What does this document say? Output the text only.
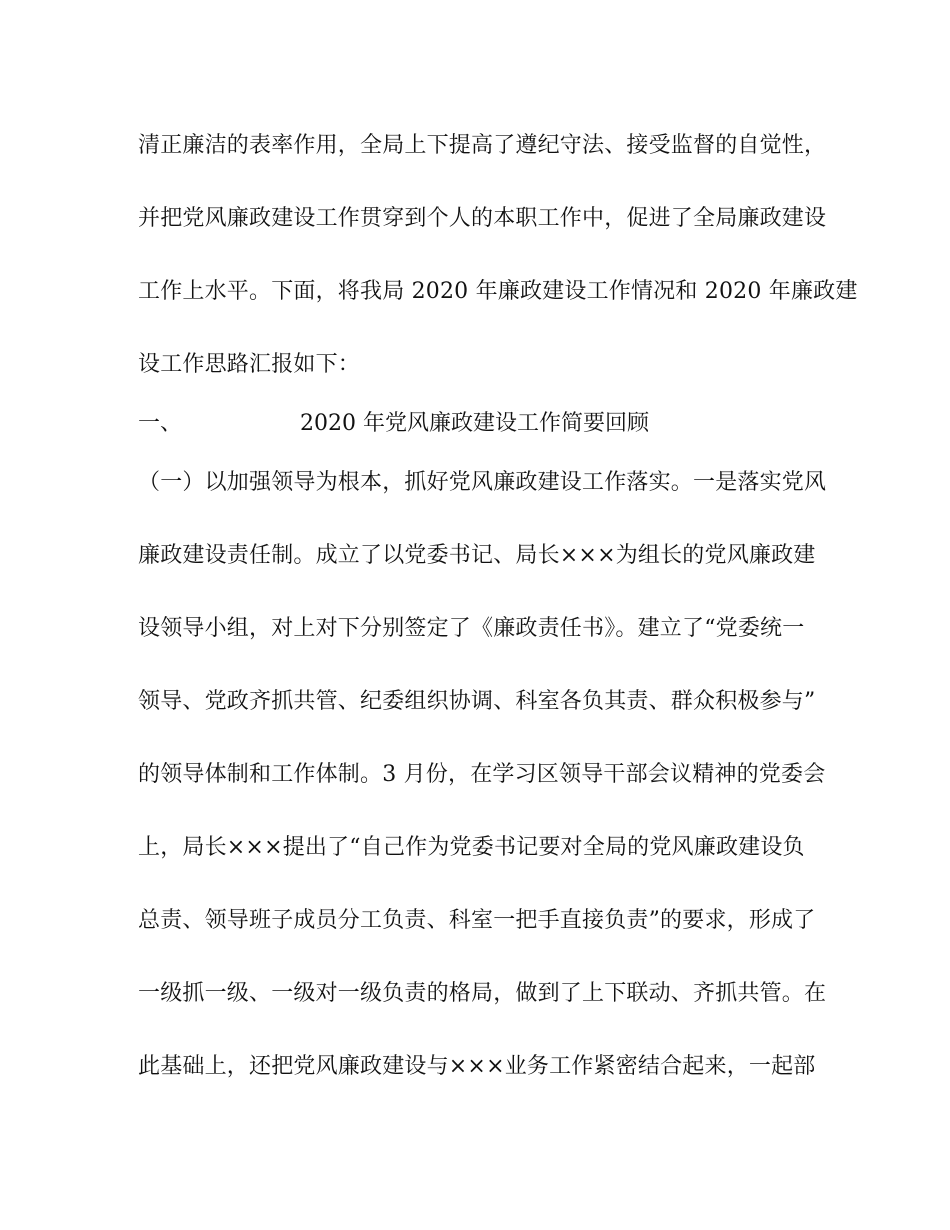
清正廉洁的表率作用，全局上下提高了遵纪守法、接受监督的自觉性，
并把党风廉政建设工作贯穿到个人的本职工作中，促进了全局廉政建设
工作上水平。下面，将我局 2020 年廉政建设工作情况和 2020 年廉政建
设工作思路汇报如下：
一、	2020 年党风廉政建设工作简要回顾
（一）以加强领导为根本，抓好党风廉政建设工作落实。一是落实党风
廉政建设责任制。成立了以党委书记、局长×××为组长的党风廉政建
设领导小组，对上对下分别签定了《廉政责任书》。建立了“党委统一
领导、党政齐抓共管、纪委组织协调、科室各负其责、群众积极参与”
的领导体制和工作体制。3 月份，在学习区领导干部会议精神的党委会
上，局长×××提出了“自己作为党委书记要对全局的党风廉政建设负
总责、领导班子成员分工负责、科室一把手直接负责”的要求，形成了
一级抓一级、一级对一级负责的格局，做到了上下联动、齐抓共管。在
此基础上，还把党风廉政建设与×××业务工作紧密结合起来，一起部
